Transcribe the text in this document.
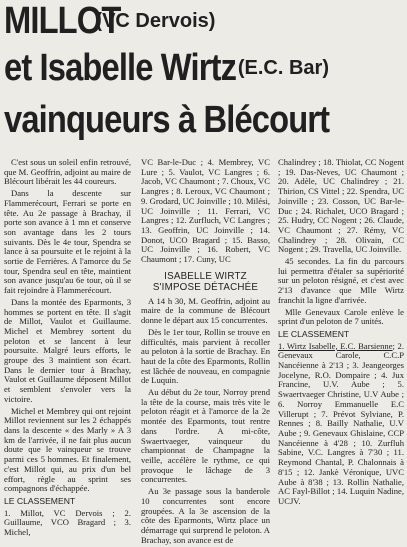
MILLOT(VC Dervois)
et Isabelle Wirtz(E.C. Bar)
vainqueurs à Blécourt

C'est sous un soleil enfin retrouvé, que M. Geoffrin, adjoint au maire de Blécourt libérait les 44 coureurs.

Dans la descente sur Flammerécourt, Ferrari se porte en tête. Au 2e passage à Brachay, il porte son avance à 1 mn et conserve son avantage dans les 2 tours suivants. Dès le 4e tour, Spendra se lance à sa poursuite et le rejoint à la sortie de Ferrières. A l'amorce du 5e tour, Spendra seul en tête, maintient son avance jusqu'au 6e tour, où il se fait rejoindre à Flammerécourt.

Dans la montée des Eparmonts, 3 hommes se portent en tête. Il s'agit de Millot, Vaulot et Guillaume. Michel et Membrey sortent du peloton et se lancent à leur poursuite. Malgré leurs efforts, le groupe des 3 maintient son écart. Dans le dernier tour à Brachay, Vaulot et Guillaume déposent Millot et semblent s'envoler vers la victoire.

Michel et Membrey qui ont rejoint Millot reviennent sur les 2 échappés dans la descente « des Marly » A 3 km de l'arrivée, il ne fait plus aucun doute que le vainqueur se trouve parmi ces 5 hommes. Et finalement, c'est Millot qui, au prix d'un bel effort, règle au sprint ses compagnons d'échappée.

LE CLASSEMENT

1. Millot, VC Dervois ; 2. Guillaume, VCO Bragard ; 3. Michel,

VC Bar-le-Duc ; 4. Membrey, VC Lure ; 5. Vaulot, VC Langres ; 6. Jacob, VC Chaumont ; 7. Choux, VC Langres ; 8. Leroux, VC Chaumont ; 9. Grodard, UC Joinville ; 10. Milési, UC Joinville ; 11. Ferrari, VC Langres ; 12. Zurfluch, VC Langres ; 13. Geoffrin, UC Joinville ; 14. Donot, UCO Bragard ; 15. Basso, UC Joinville ; 16. Robert, VC Chaumont ; 17. Cuny, UC

ISABELLE WIRTZ
S'IMPOSE DÉTACHÉE

A 14 h 30, M. Geoffrin, adjoint au maire de la commune de Blécourt donne le départ aux 15 concurrentes.

Dès le 1er tour, Rollin se trouve en difficultés, mais parvient à recoller au peloton à la sortie de Brachay. En haut de la côte des Eparmonts, Rollin est lâchée de nouveau, en compagnie de Luquin.

Au début du 2e tour, Norroy prend la tête de la course, mais très vite le peloton réagit et à l'amorce de la 2e montée des Eparmonts, tout rentre dans l'ordre. A mi-côte, Swaertvaeger, vainqueur du championnat de Champagne la veille, accélère le rythme, ce qui provoque le lâchage de 3 concurrentes.

Au 3e passage sous la banderole 10 concurrentes sont encore groupées. A la 3e ascension de la côte des Eparmonts, Wirtz place un démarrage qui surprend le peloton. A Brachay, son avance est de

Chalindrey ; 18. Thiolat, CC Nogent ; 19. Das-Neves, UC Chaumont ; 20. Adèle, UC Chalindrey ; 21. Thirion, CS Vittel ; 22. Spendra, UC Joinville ; 23. Cosson, UC Bar-le-Duc ; 24. Richalet, UCO Bragard ; 25. Hudry, CC Nogent ; 26. Claude, VC Chaumont ; 27. Rémy, VC Chalindrey ; 28. Olivain, CC Nogent ; 29. Travella, UC Joinville.

45 secondes. La fin du parcours lui permettra d'étaler sa supériorité sur un peloton résigné, et c'est avec 2'13 d'avance que Mlle Wirtz franchit la ligne d'arrivée.

Mlle Genevaux Carole enlève le sprint d'un peloton de 7 unités.

LE CLASSEMENT

1. Wirtz Isabelle, E.C. Barsienne; 2. Genevaux Carole, C.C.P Nancéienne à 2'13 ; 3. Jeangeorges Jocelyne, R.O. Dompaire ; 4. Jux Francine, U.V. Aube ; 5. Swaertvaeger Christine, U.V Aube ; 6. Norroy Emmanuelle E.C Villerupt ; 7. Prévot Sylviane, P. Rennes ; 8. Bailly Nathalie, U.V Aube ; 9. Genevaux Ghislaine, CCP Nancéienne à 4'28 ; 10. Zurfluh Sabine, V.C. Langres à 7'30 ; 11. Reymond Chantal, P. Chalonnais à 8'15 ; 12. Jankè Véronique, UVC Aube à 8'38 ; 13. Rollin Nathalie, AC Fayl-Billot ; 14. Luquin Nadine, UCJV.
